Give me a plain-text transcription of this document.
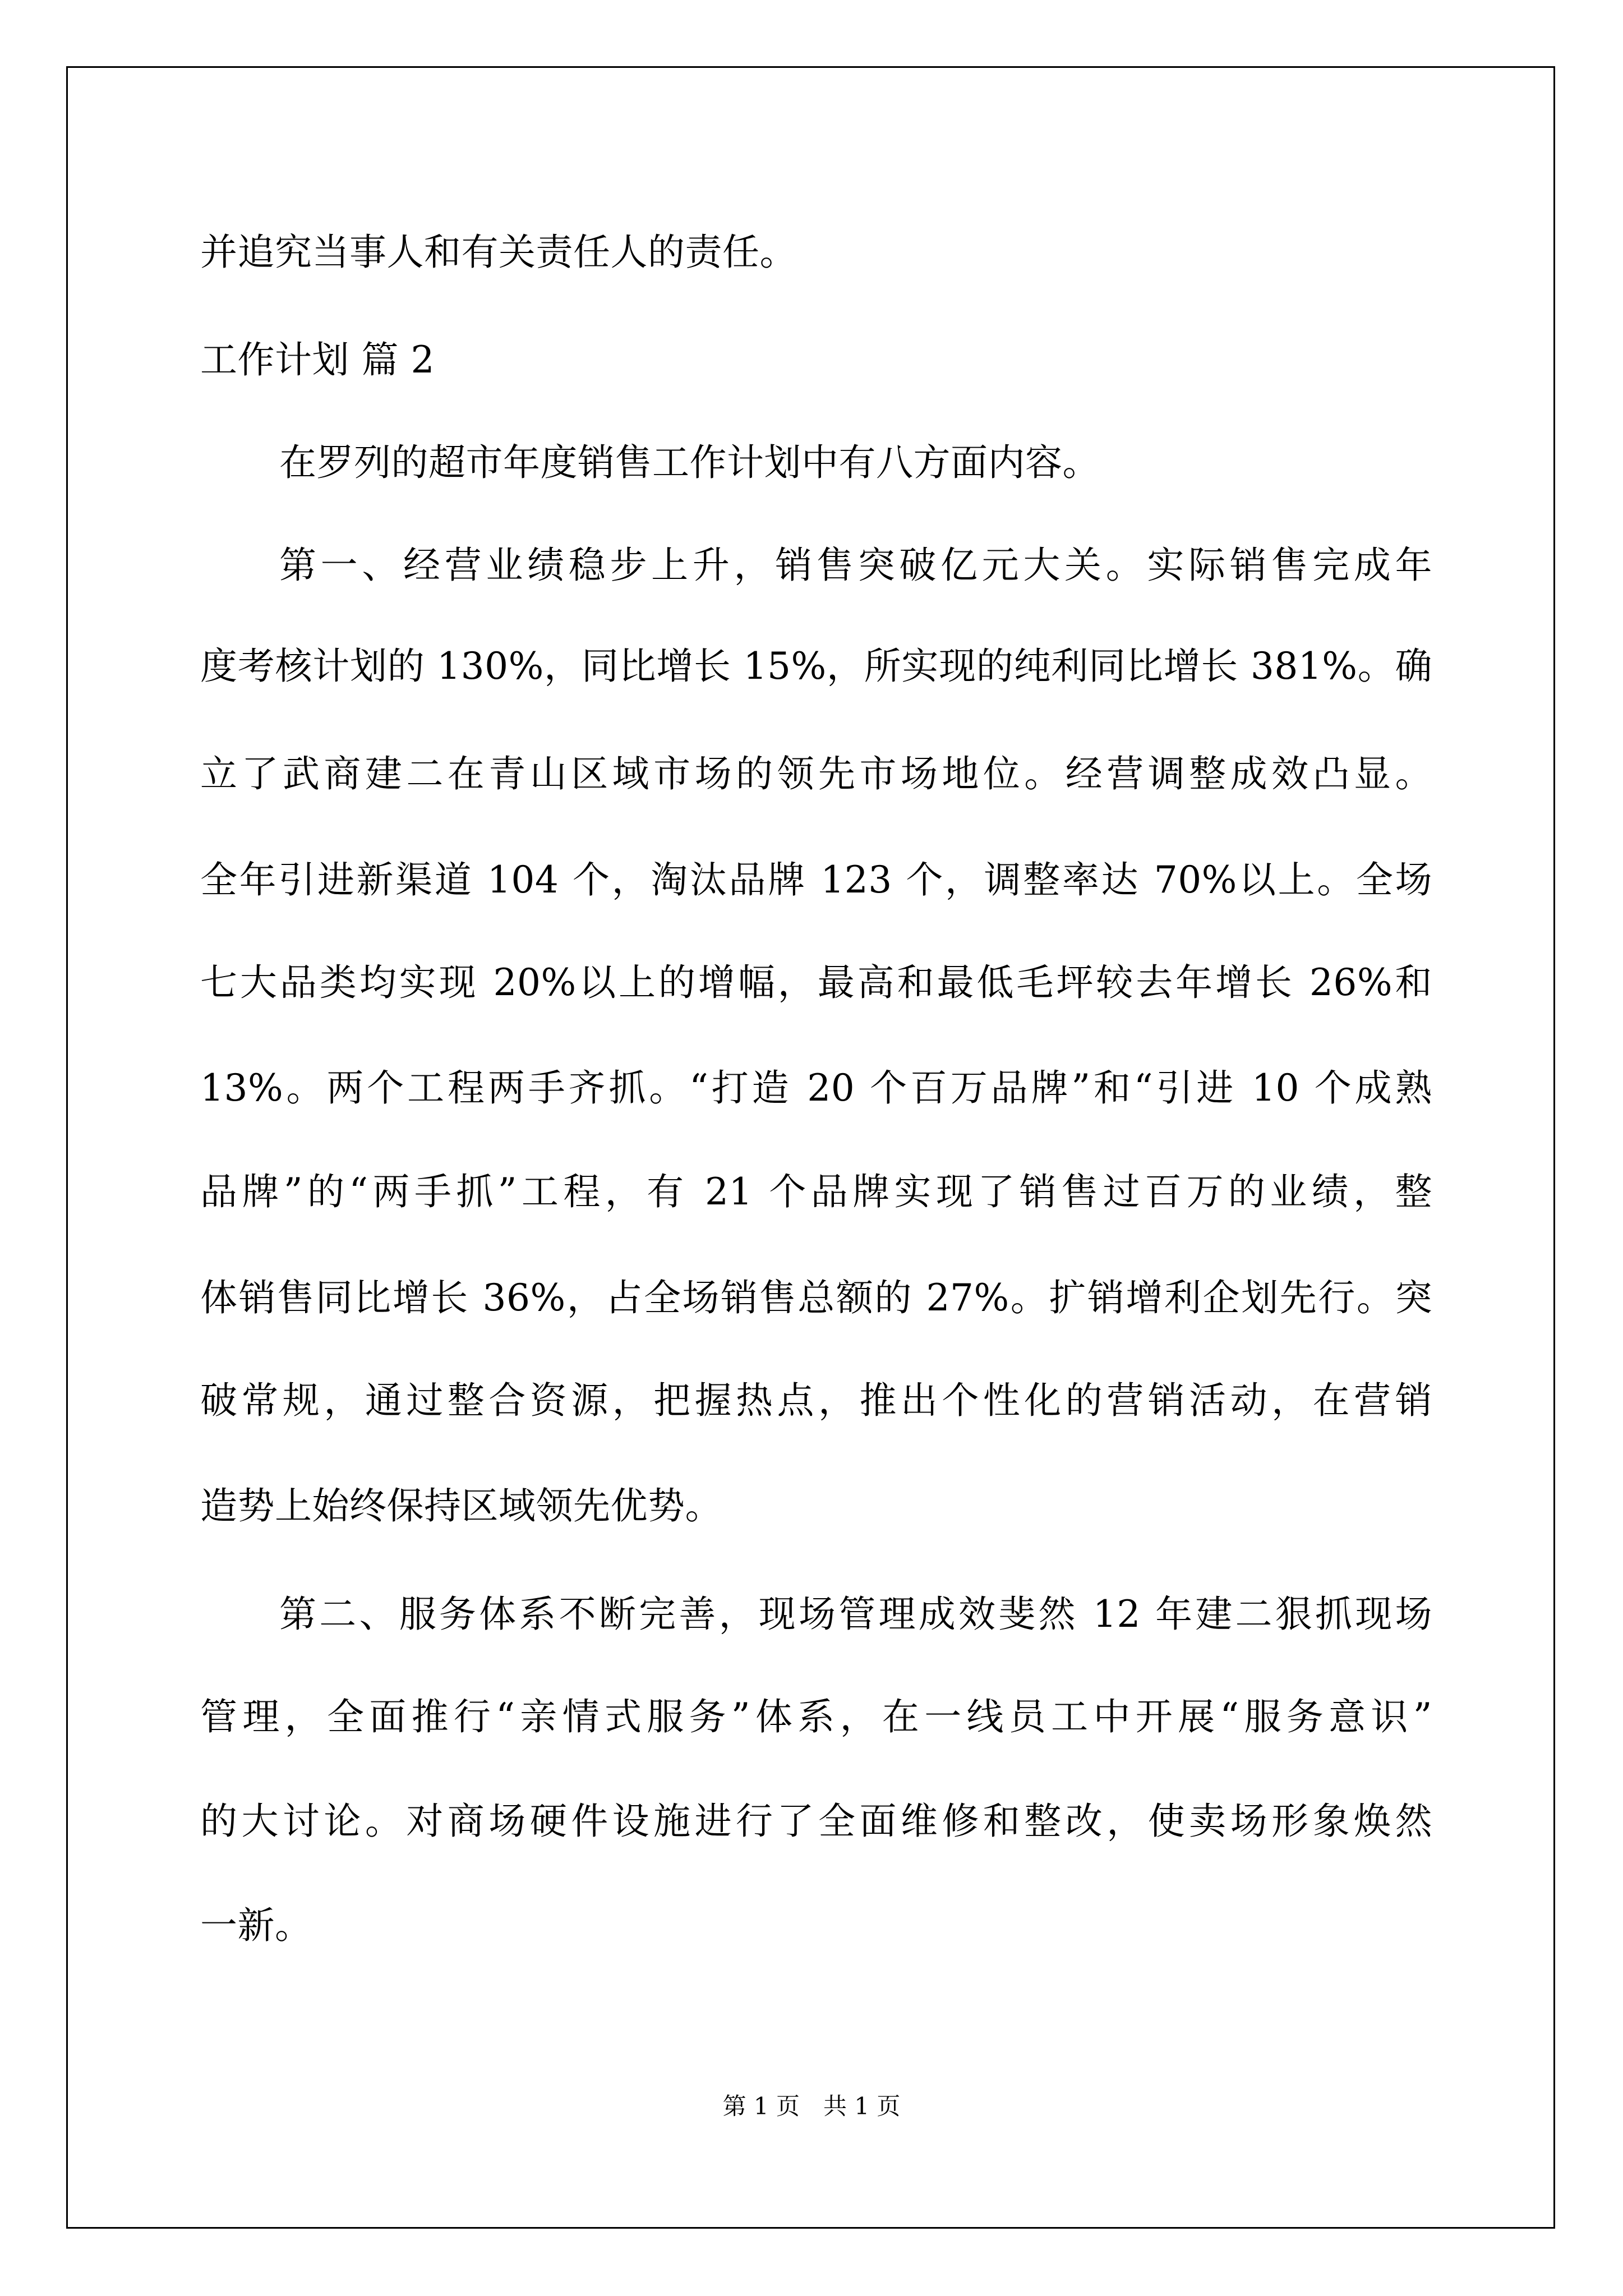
并追究当事人和有关责任人的责任。
工作计划 篇 2
在罗列的超市年度销售工作计划中有八方面内容。
第一、经营业绩稳步上升，销售突破亿元大关。实际销售完成年
度考核计划的 130%，同比增长 15%，所实现的纯利同比增长 381%。确
立了武商建二在青山区域市场的领先市场地位。经营调整成效凸显。
全年引进新渠道 104 个，淘汰品牌 123 个，调整率达 70%以上。全场
七大品类均实现 20%以上的增幅，最高和最低毛坪较去年增长 26%和
13%。两个工程两手齐抓。“打造 20 个百万品牌”和“引进 10 个成熟
品牌”的“两手抓”工程，有 21 个品牌实现了销售过百万的业绩，整
体销售同比增长 36%，占全场销售总额的 27%。扩销增利企划先行。突
破常规，通过整合资源，把握热点，推出个性化的营销活动，在营销
造势上始终保持区域领先优势。
第二、服务体系不断完善，现场管理成效斐然 12 年建二狠抓现场
管理，全面推行“亲情式服务”体系，在一线员工中开展“服务意识”
的大讨论。对商场硬件设施进行了全面维修和整改，使卖场形象焕然
一新。
第 1 页　共 1 页
